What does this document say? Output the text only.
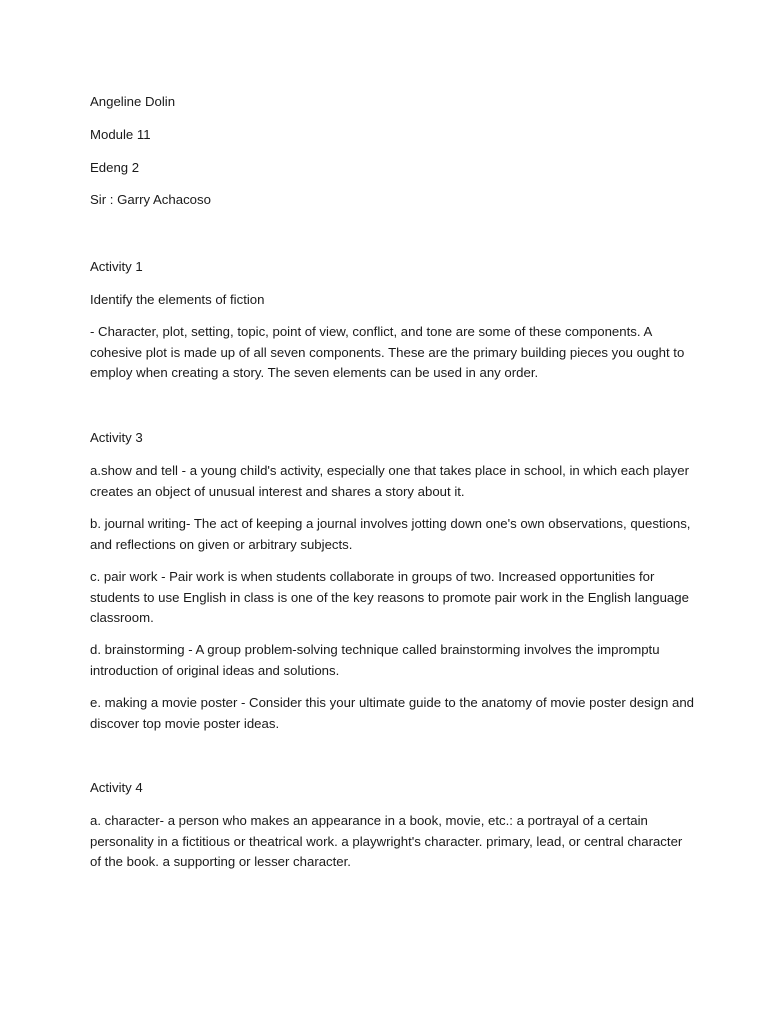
Angeline Dolin
Module 11
Edeng 2
Sir : Garry Achacoso
Activity 1
Identify the elements of fiction
- Character, plot, setting, topic, point of view, conflict, and tone are some of these components. A
cohesive plot is made up of all seven components. These are the primary building pieces you ought to
employ when creating a story. The seven elements can be used in any order.
Activity 3
a.show and tell - a young child's activity, especially one that takes place in school, in which each player
creates an object of unusual interest and shares a story about it.
b. journal writing- The act of keeping a journal involves jotting down one's own observations, questions,
and reflections on given or arbitrary subjects.
c. pair work - Pair work is when students collaborate in groups of two. Increased opportunities for
students to use English in class is one of the key reasons to promote pair work in the English language
classroom.
d. brainstorming - A group problem-solving technique called brainstorming involves the impromptu
introduction of original ideas and solutions.
e. making a movie poster - Consider this your ultimate guide to the anatomy of movie poster design and
discover top movie poster ideas.
Activity 4
a. character- a person who makes an appearance in a book, movie, etc.: a portrayal of a certain
personality in a fictitious or theatrical work. a playwright's character. primary, lead, or central character
of the book. a supporting or lesser character.
